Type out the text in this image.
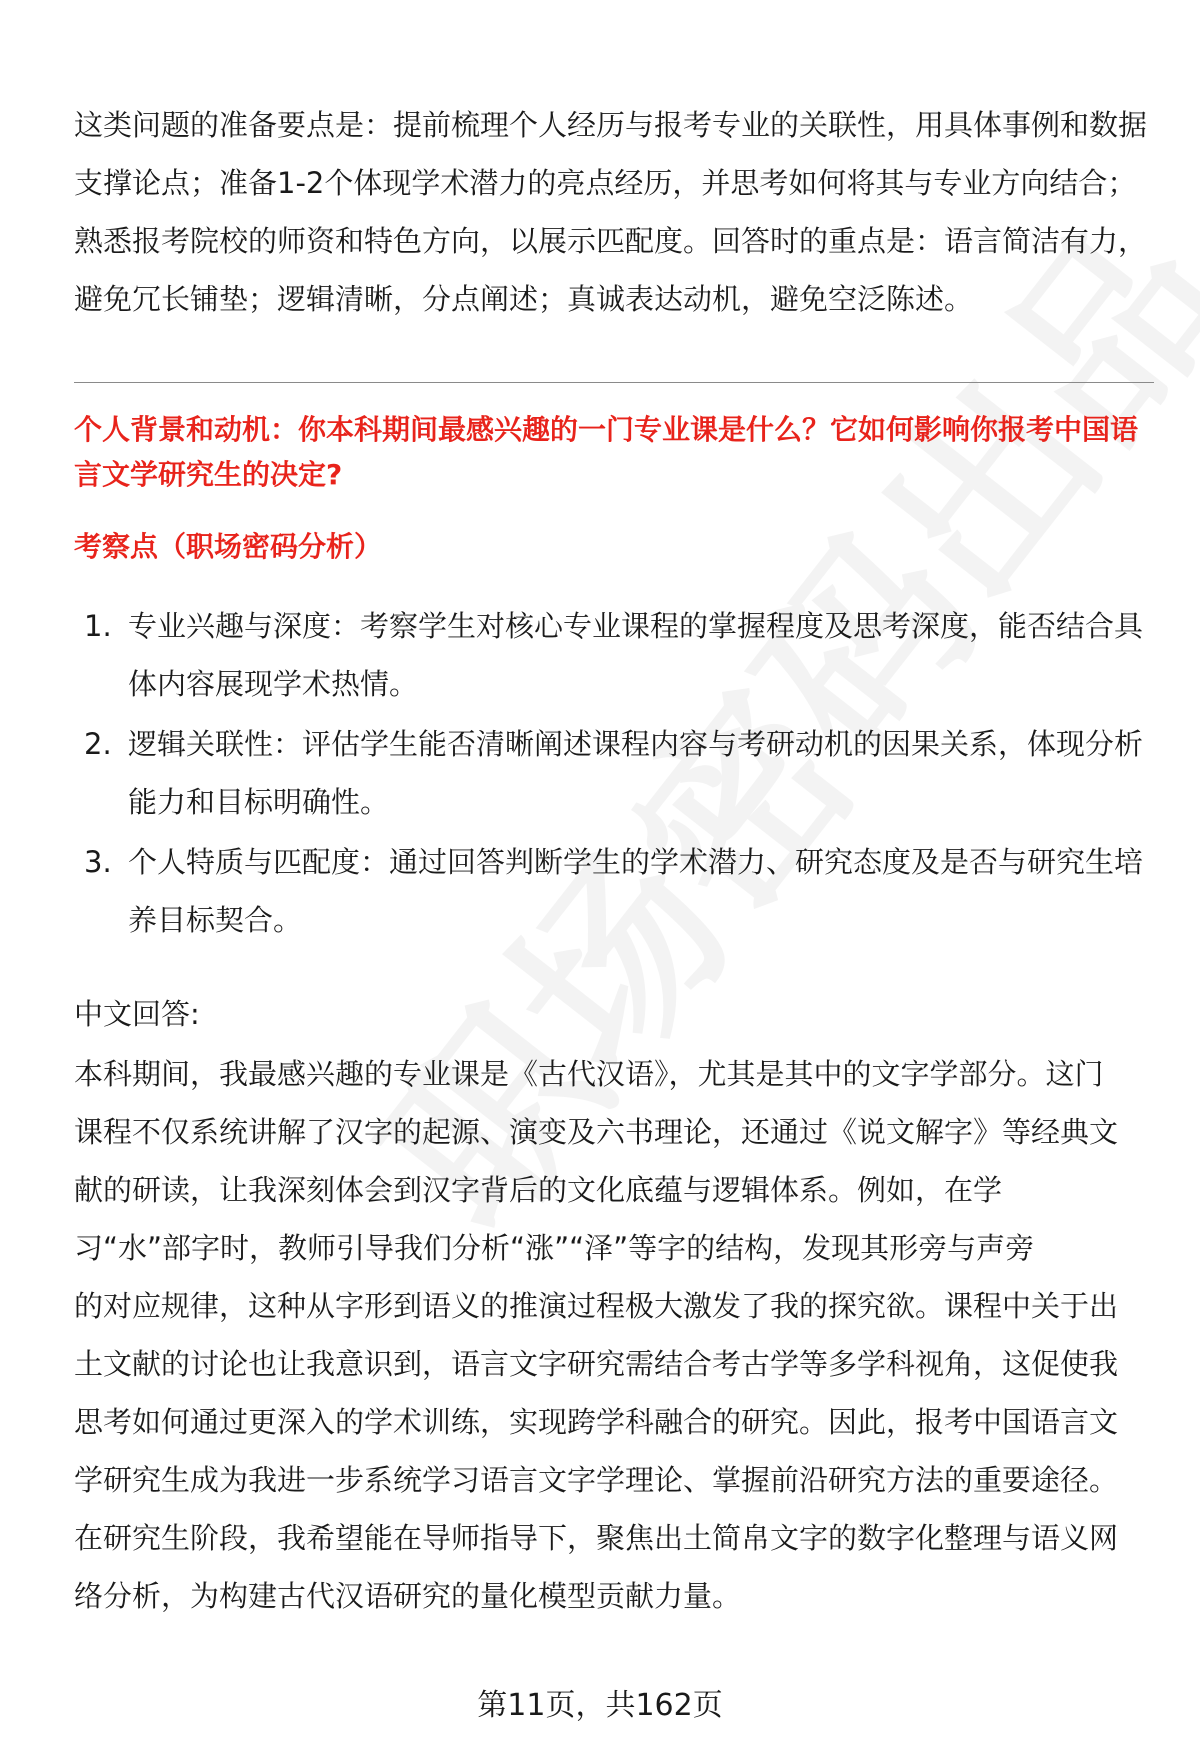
这类问题的准备要点是：提前梳理个人经历与报考专业的关联性，用具体事例和数据支撑论点；准备1-2个体现学术潜力的亮点经历，并思考如何将其与专业方向结合；熟悉报考院校的师资和特色方向，以展示匹配度。回答时的重点是：语言简洁有力，避免冗长铺垫；逻辑清晰，分点阐述；真诚表达动机，避免空泛陈述。

个人背景和动机：你本科期间最感兴趣的一门专业课是什么？它如何影响你报考中国语言文学研究生的决定?

考察点（职场密码分析）

1. 专业兴趣与深度：考察学生对核心专业课程的掌握程度及思考深度，能否结合具体内容展现学术热情。
2. 逻辑关联性：评估学生能否清晰阐述课程内容与考研动机的因果关系，体现分析能力和目标明确性。
3. 个人特质与匹配度：通过回答判断学生的学术潜力、研究态度及是否与研究生培养目标契合。

中文回答:

本科期间，我最感兴趣的专业课是《古代汉语》，尤其是其中的文字学部分。这门
课程不仅系统讲解了汉字的起源、演变及六书理论，还通过《说文解字》等经典文
献的研读，让我深刻体会到汉字背后的文化底蕴与逻辑体系。例如，在学
习“水”部字时，教师引导我们分析“涨”“泽”等字的结构，发现其形旁与声旁
的对应规律，这种从字形到语义的推演过程极大激发了我的探究欲。课程中关于出
土文献的讨论也让我意识到，语言文字研究需结合考古学等多学科视角，这促使我
思考如何通过更深入的学术训练，实现跨学科融合的研究。因此，报考中国语言文
学研究生成为我进一步系统学习语言文字学理论、掌握前沿研究方法的重要途径。
在研究生阶段，我希望能在导师指导下，聚焦出土简帛文字的数字化整理与语义网
络分析，为构建古代汉语研究的量化模型贡献力量。
第11页，共162页
